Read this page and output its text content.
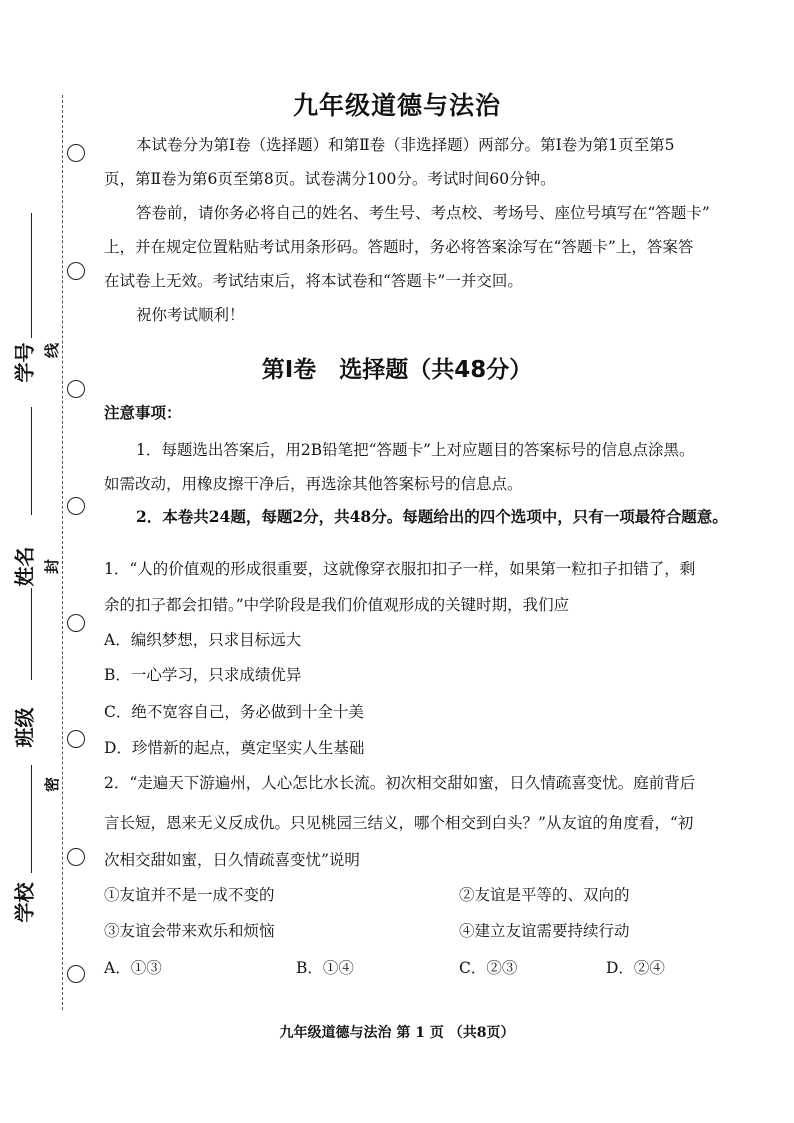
线
封
密
学号
姓名
班级
学校
九年级道德与法治
本试卷分为第Ⅰ卷（选择题）和第Ⅱ卷（非选择题）两部分。第Ⅰ卷为第1页至第5
页，第Ⅱ卷为第6页至第8页。试卷满分100分。考试时间60分钟。
答卷前，请你务必将自己的姓名、考生号、考点校、考场号、座位号填写在“答题卡”
上，并在规定位置粘贴考试用条形码。答题时，务必将答案涂写在“答题卡”上，答案答
在试卷上无效。考试结束后，将本试卷和“答题卡”一并交回。
祝你考试顺利！
第Ⅰ卷　选择题（共48分）
注意事项：
1．每题选出答案后，用2B铅笔把“答题卡”上对应题目的答案标号的信息点涂黑。
如需改动，用橡皮擦干净后，再选涂其他答案标号的信息点。
2．本卷共24题，每题2分，共48分。每题给出的四个选项中，只有一项最符合题意。
1．“人的价值观的形成很重要，这就像穿衣服扣扣子一样，如果第一粒扣子扣错了，剩
余的扣子都会扣错。”中学阶段是我们价值观形成的关键时期，我们应
A．编织梦想，只求目标远大
B．一心学习，只求成绩优异
C．绝不宽容自己，务必做到十全十美
D．珍惜新的起点，奠定坚实人生基础
2．“走遍天下游遍州，人心怎比水长流。初次相交甜如蜜，日久情疏喜变忧。庭前背后
言长短，恩来无义反成仇。只见桃园三结义，哪个相交到白头？”从友谊的角度看，“初
次相交甜如蜜，日久情疏喜变忧”说明
①友谊并不是一成不变的	②友谊是平等的、双向的
③友谊会带来欢乐和烦恼	④建立友谊需要持续行动
A．①③	B．①④	C．②③	D．②④
九年级道德与法治 第 1 页 （共8页）
